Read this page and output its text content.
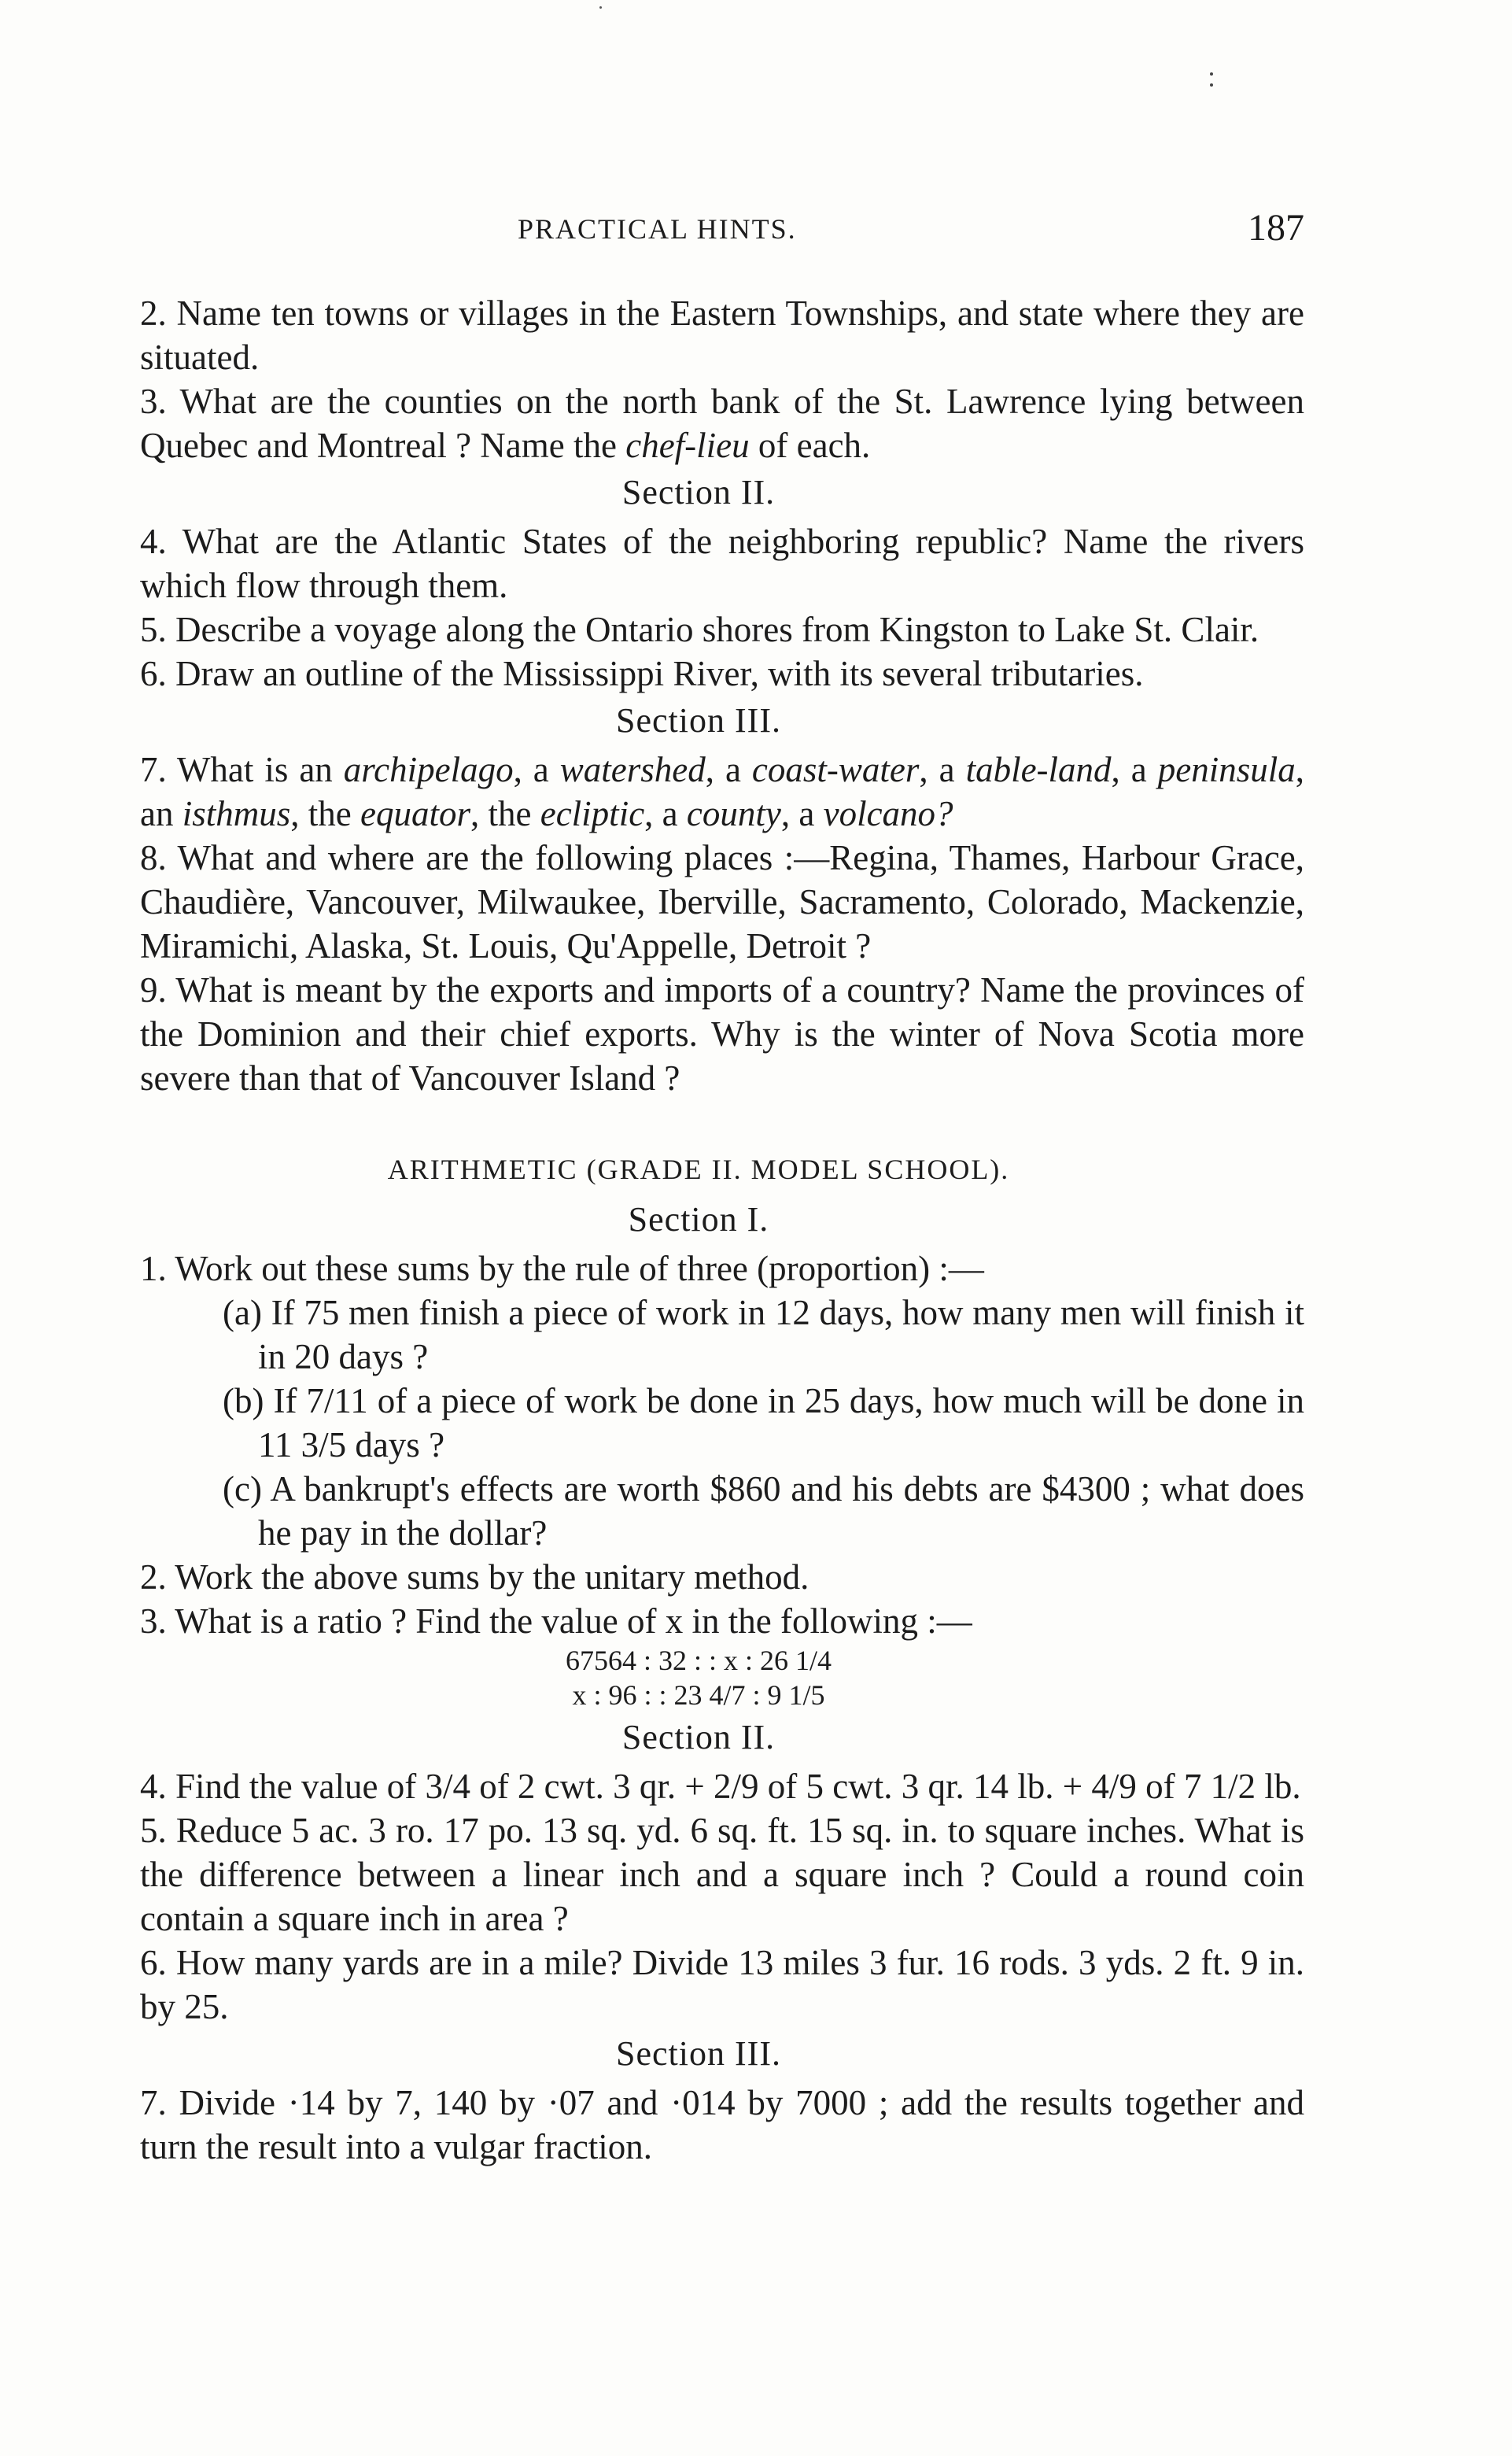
PRACTICAL HINTS.	187

2. Name ten towns or villages in the Eastern Townships, and state where they are situated.

3. What are the counties on the north bank of the St. Lawrence lying between Quebec and Montreal ? Name the chef-lieu of each.

Section II.

4. What are the Atlantic States of the neighboring republic? Name the rivers which flow through them.

5. Describe a voyage along the Ontario shores from Kingston to Lake St. Clair.

6. Draw an outline of the Mississippi River, with its several tributaries.

Section III.

7. What is an archipelago, a watershed, a coast-water, a table-land, a peninsula, an isthmus, the equator, the ecliptic, a county, a volcano?

8. What and where are the following places :—Regina, Thames, Harbour Grace, Chaudière, Vancouver, Milwaukee, Iberville, Sacramento, Colorado, Mackenzie, Miramichi, Alaska, St. Louis, Qu'Appelle, Detroit ?

9. What is meant by the exports and imports of a country? Name the provinces of the Dominion and their chief exports. Why is the winter of Nova Scotia more severe than that of Vancouver Island ?

ARITHMETIC (GRADE II. MODEL SCHOOL).

Section I.

1. Work out these sums by the rule of three (proportion) :—

(a) If 75 men finish a piece of work in 12 days, how many men will finish it in 20 days ?

(b) If 7/11 of a piece of work be done in 25 days, how much will be done in 11 3/5 days ?

(c) A bankrupt's effects are worth $860 and his debts are $4300 ; what does he pay in the dollar?

2. Work the above sums by the unitary method.

3. What is a ratio ? Find the value of x in the following :—

67564 : 32 : : x : 26 1/4

x : 96 : : 23 4/7 : 9 1/5

Section II.

4. Find the value of 3/4 of 2 cwt. 3 qr. + 2/9 of 5 cwt. 3 qr. 14 lb. + 4/9 of 7 1/2 lb.

5. Reduce 5 ac. 3 ro. 17 po. 13 sq. yd. 6 sq. ft. 15 sq. in. to square inches. What is the difference between a linear inch and a square inch ? Could a round coin contain a square inch in area ?

6. How many yards are in a mile? Divide 13 miles 3 fur. 16 rods. 3 yds. 2 ft. 9 in. by 25.

Section III.

7. Divide ·14 by 7, 140 by ·07 and ·014 by 7000 ; add the results together and turn the result into a vulgar fraction.
